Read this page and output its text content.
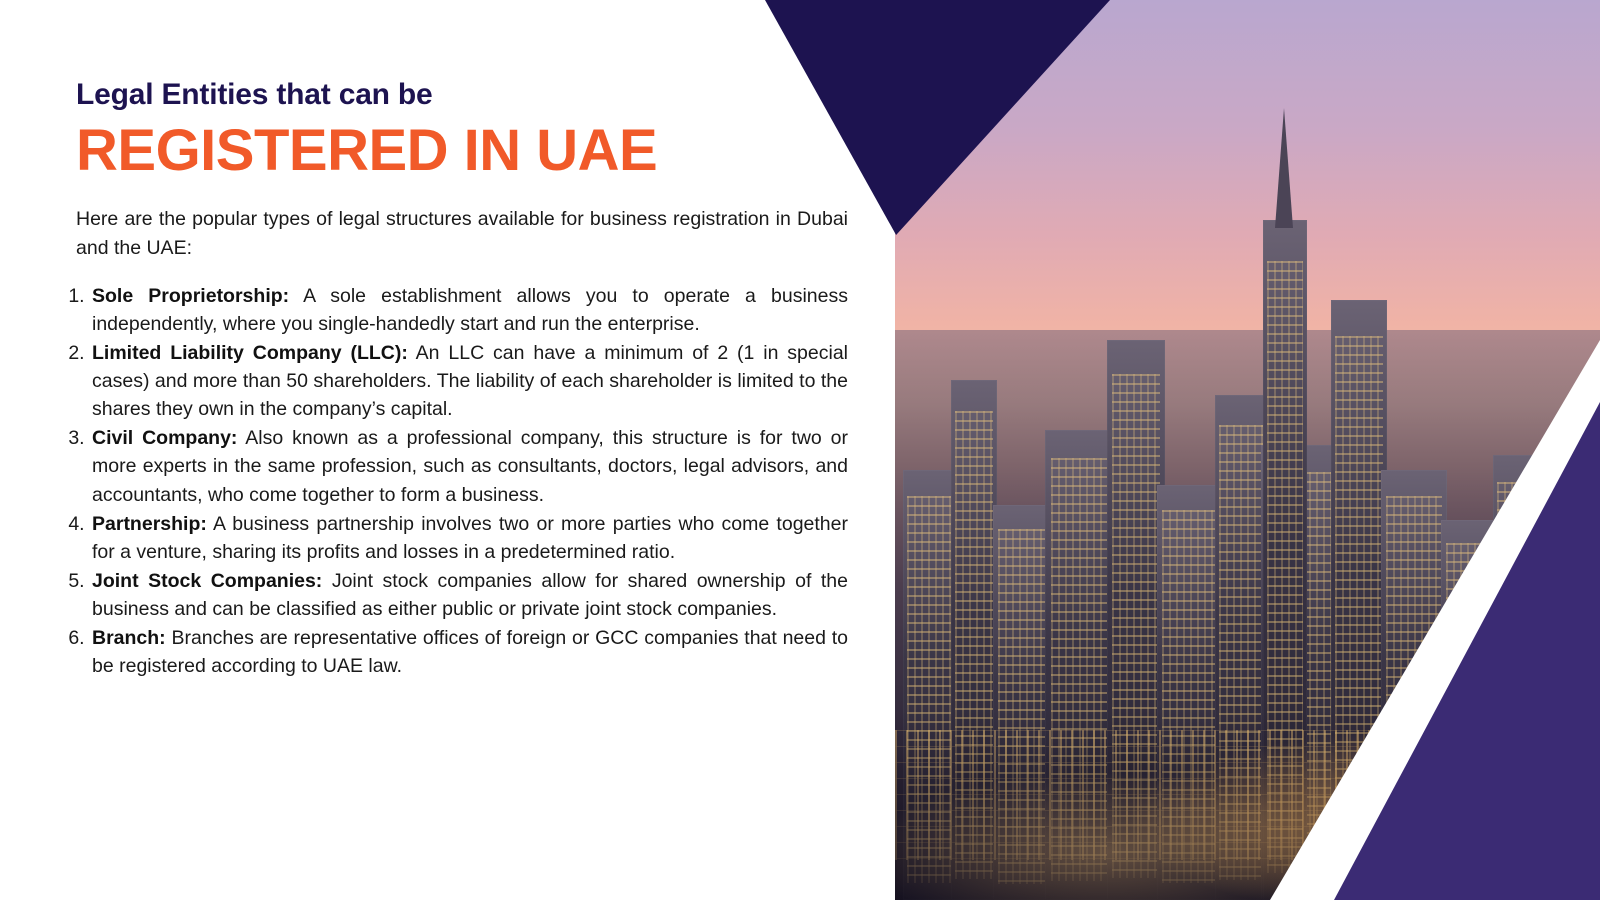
Legal Entities that can be
REGISTERED IN UAE

Here are the popular types of legal structures available for business registration in Dubai and the UAE:

1. Sole Proprietorship: A sole establishment allows you to operate a business independently, where you single-handedly start and run the enterprise.
2. Limited Liability Company (LLC): An LLC can have a minimum of 2 (1 in special cases) and more than 50 shareholders. The liability of each shareholder is limited to the shares they own in the company’s capital.
3. Civil Company: Also known as a professional company, this structure is for two or more experts in the same profession, such as consultants, doctors, legal advisors, and accountants, who come together to form a business.
4. Partnership: A business partnership involves two or more parties who come together for a venture, sharing its profits and losses in a predetermined ratio.
5. Joint Stock Companies: Joint stock companies allow for shared ownership of the business and can be classified as either public or private joint stock companies.
6. Branch: Branches are representative offices of foreign or GCC companies that need to be registered according to UAE law.
